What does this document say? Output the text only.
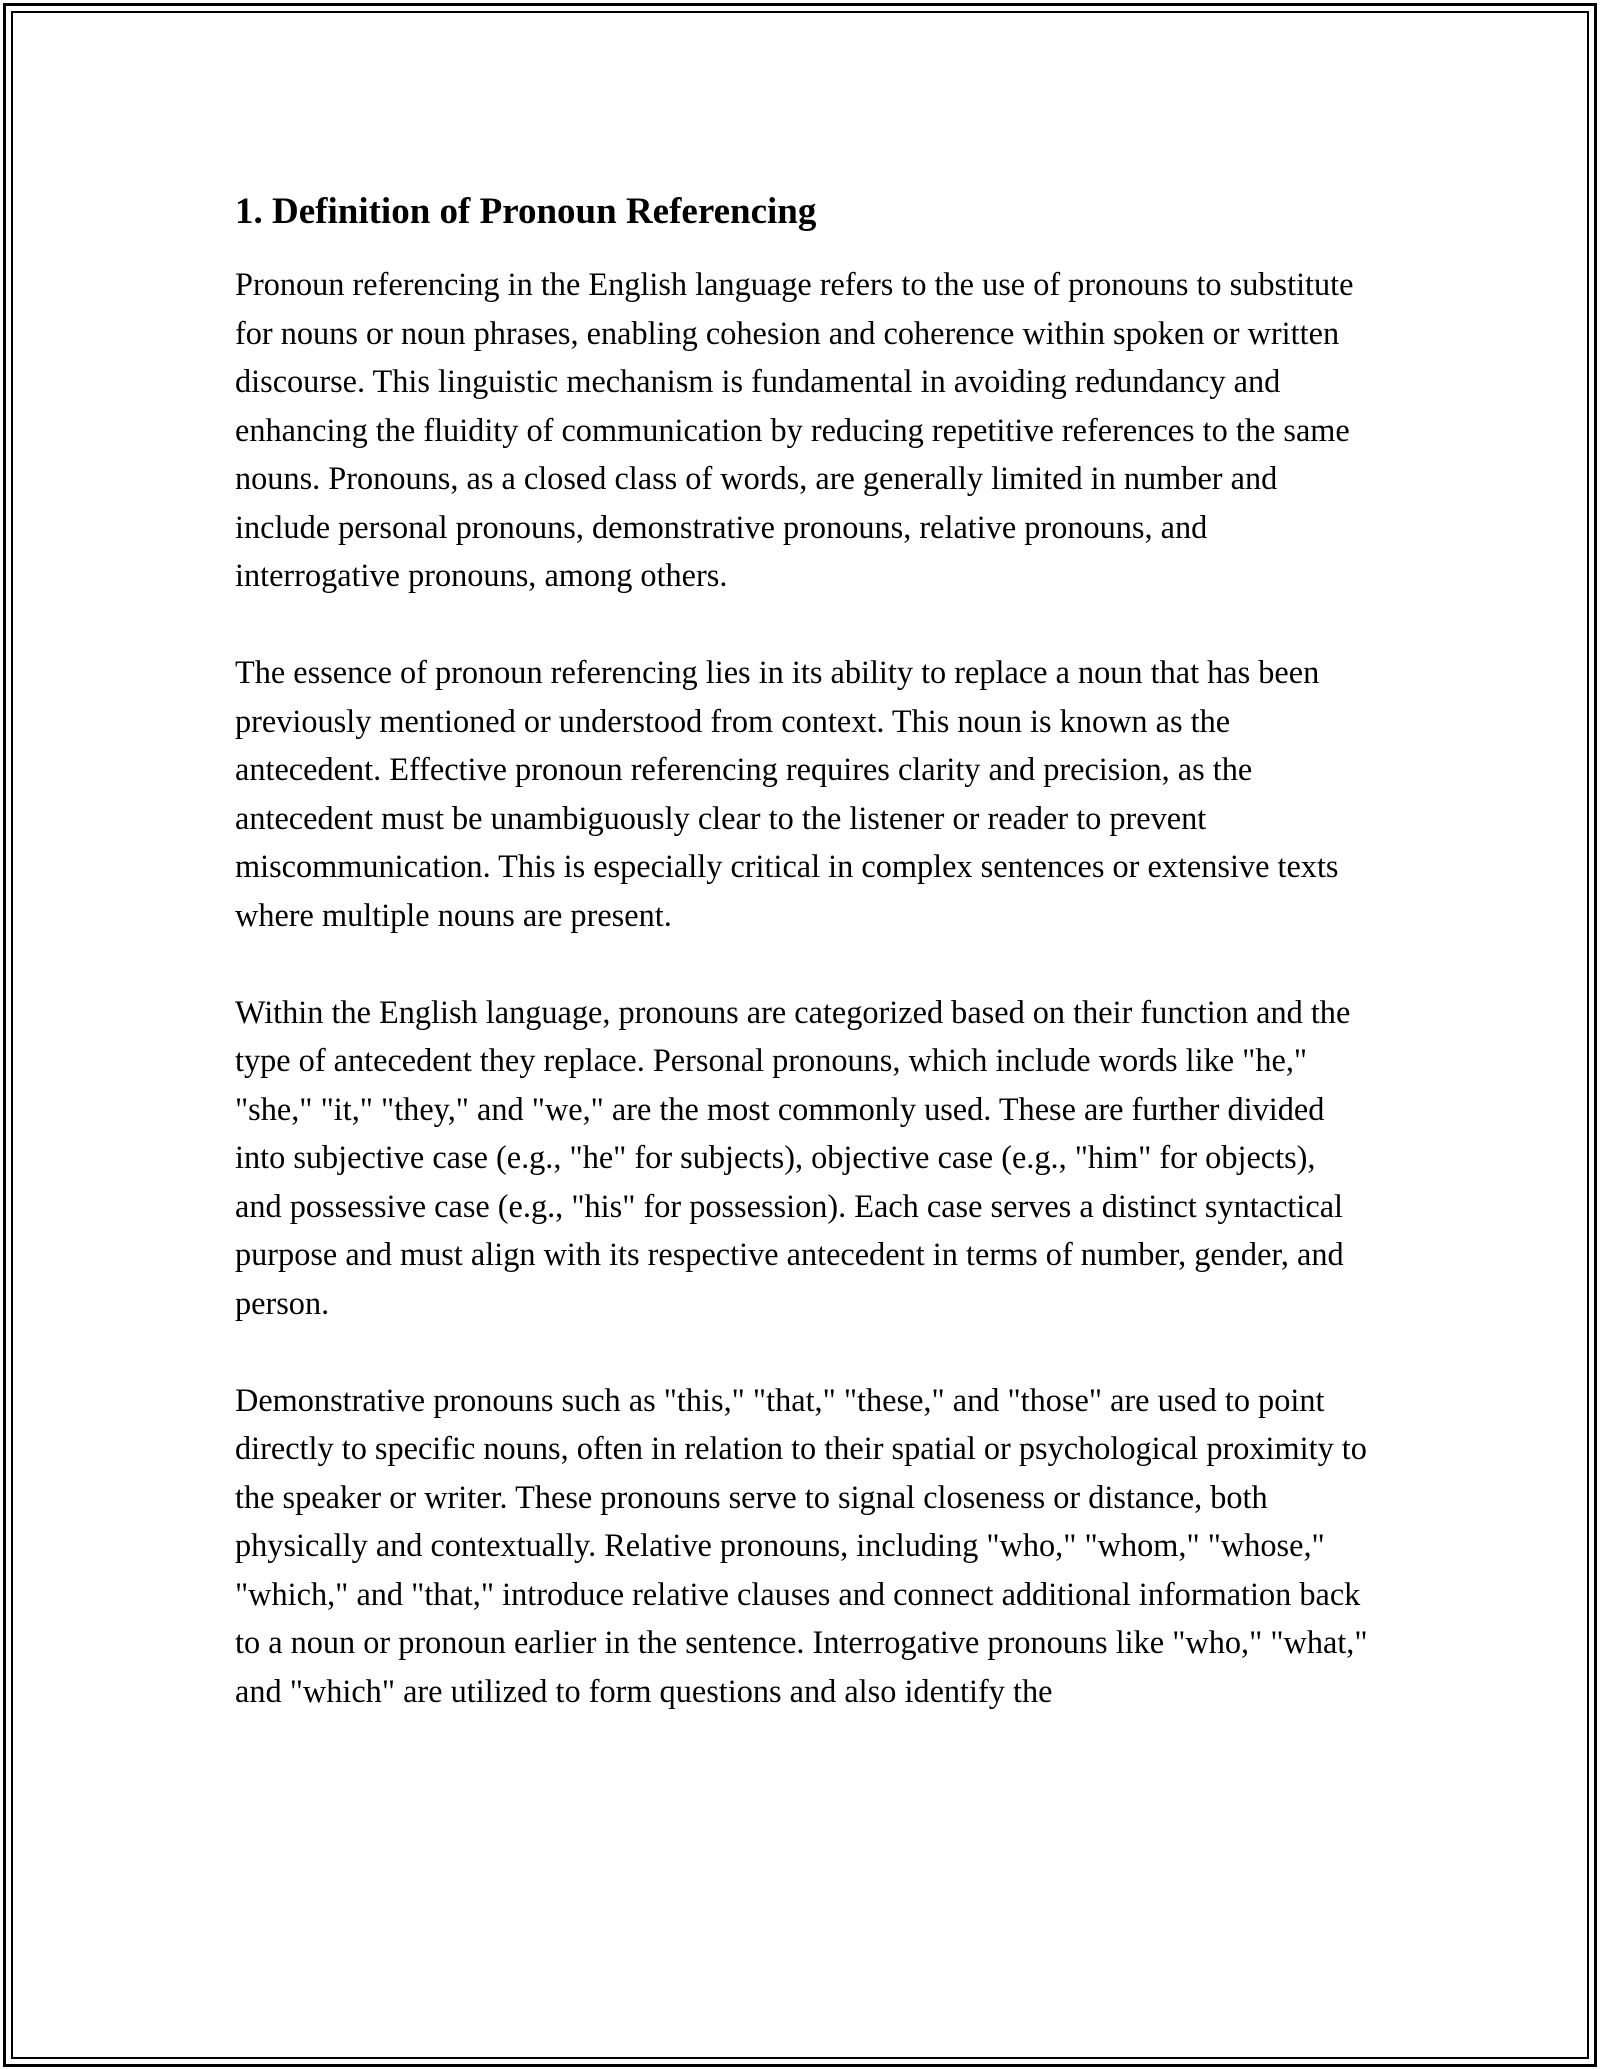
1. Definition of Pronoun Referencing

Pronoun referencing in the English language refers to the use of pronouns to substitute for nouns or noun phrases, enabling cohesion and coherence within spoken or written discourse. This linguistic mechanism is fundamental in avoiding redundancy and enhancing the fluidity of communication by reducing repetitive references to the same nouns. Pronouns, as a closed class of words, are generally limited in number and include personal pronouns, demonstrative pronouns, relative pronouns, and interrogative pronouns, among others.

The essence of pronoun referencing lies in its ability to replace a noun that has been previously mentioned or understood from context. This noun is known as the antecedent. Effective pronoun referencing requires clarity and precision, as the antecedent must be unambiguously clear to the listener or reader to prevent miscommunication. This is especially critical in complex sentences or extensive texts where multiple nouns are present.

Within the English language, pronouns are categorized based on their function and the type of antecedent they replace. Personal pronouns, which include words like "he," "she," "it," "they," and "we," are the most commonly used. These are further divided into subjective case (e.g., "he" for subjects), objective case (e.g., "him" for objects), and possessive case (e.g., "his" for possession). Each case serves a distinct syntactical purpose and must align with its respective antecedent in terms of number, gender, and person.

Demonstrative pronouns such as "this," "that," "these," and "those" are used to point directly to specific nouns, often in relation to their spatial or psychological proximity to the speaker or writer. These pronouns serve to signal closeness or distance, both physically and contextually. Relative pronouns, including "who," "whom," "whose," "which," and "that," introduce relative clauses and connect additional information back to a noun or pronoun earlier in the sentence. Interrogative pronouns like "who," "what," and "which" are utilized to form questions and also identify the
